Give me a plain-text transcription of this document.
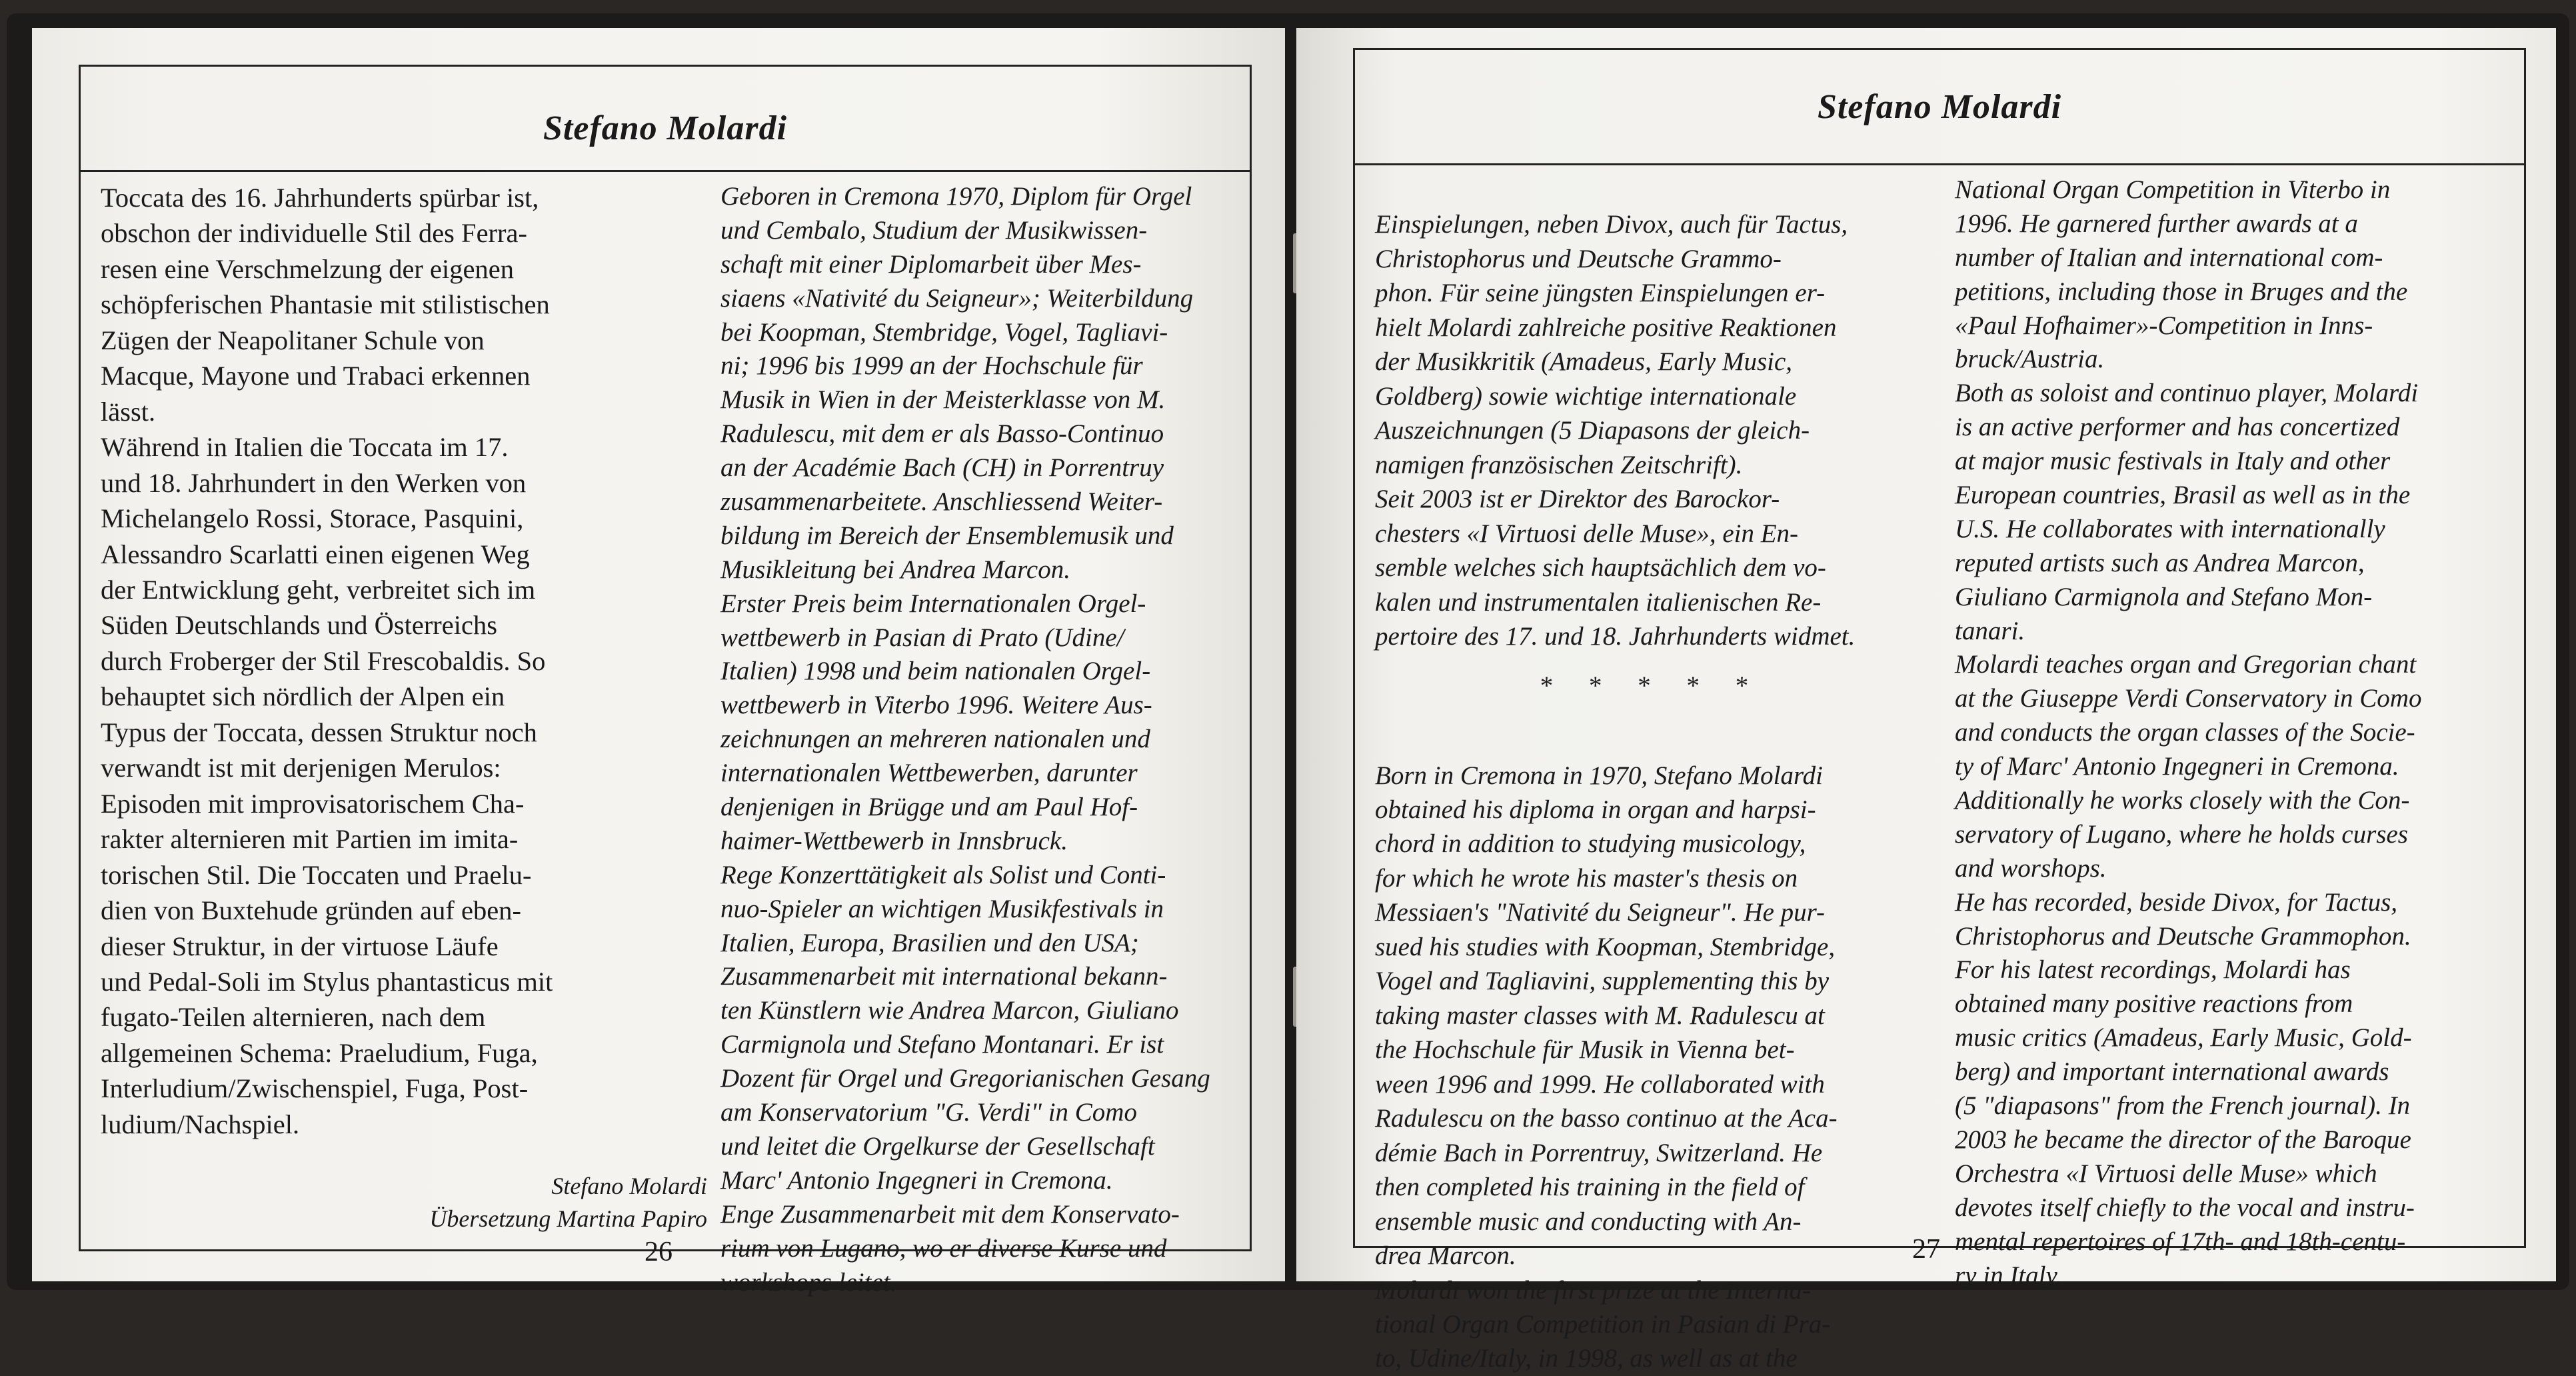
Stefano Molardi
Toccata des 16. Jahrhunderts spürbar ist,
obschon der individuelle Stil des Ferra-
resen eine Verschmelzung der eigenen
schöpferischen Phantasie mit stilistischen
Zügen der Neapolitaner Schule von
Macque, Mayone und Trabaci erkennen
lässt.
Während in Italien die Toccata im 17.
und 18. Jahrhundert in den Werken von
Michelangelo Rossi, Storace, Pasquini,
Alessandro Scarlatti einen eigenen Weg
der Entwicklung geht, verbreitet sich im
Süden Deutschlands und Österreichs
durch Froberger der Stil Frescobaldis. So
behauptet sich nördlich der Alpen ein
Typus der Toccata, dessen Struktur noch
verwandt ist mit derjenigen Merulos:
Episoden mit improvisatorischem Cha-
rakter alternieren mit Partien im imita-
torischen Stil. Die Toccaten und Praelu-
dien von Buxtehude gründen auf eben-
dieser Struktur, in der virtuose Läufe
und Pedal-Soli im Stylus phantasticus mit
fugato-Teilen alternieren, nach dem
allgemeinen Schema: Praeludium, Fuga,
Interludium/Zwischenspiel, Fuga, Post-
ludium/Nachspiel.
Stefano Molardi
Übersetzung Martina Papiro
Geboren in Cremona 1970, Diplom für Orgel
und Cembalo, Studium der Musikwissen-
schaft mit einer Diplomarbeit über Mes-
siaens «Nativité du Seigneur»; Weiterbildung
bei Koopman, Stembridge, Vogel, Tagliavi-
ni; 1996 bis 1999 an der Hochschule für
Musik in Wien in der Meisterklasse von M.
Radulescu, mit dem er als Basso-Continuo
an der Académie Bach (CH) in Porrentruy
zusammenarbeitete. Anschliessend Weiter-
bildung im Bereich der Ensemblemusik und
Musikleitung bei Andrea Marcon.
Erster Preis beim Internationalen Orgel-
wettbewerb in Pasian di Prato (Udine/
Italien) 1998 und beim nationalen Orgel-
wettbewerb in Viterbo 1996. Weitere Aus-
zeichnungen an mehreren nationalen und
internationalen Wettbewerben, darunter
denjenigen in Brügge und am Paul Hof-
haimer-Wettbewerb in Innsbruck.
Rege Konzerttätigkeit als Solist und Conti-
nuo-Spieler an wichtigen Musikfestivals in
Italien, Europa, Brasilien und den USA;
Zusammenarbeit mit international bekann-
ten Künstlern wie Andrea Marcon, Giuliano
Carmignola und Stefano Montanari. Er ist
Dozent für Orgel und Gregorianischen Gesang
am Konservatorium "G. Verdi" in Como
und leitet die Orgelkurse der Gesellschaft
Marc' Antonio Ingegneri in Cremona.
Enge Zusammenarbeit mit dem Konservato-
rium von Lugano, wo er diverse Kurse und
workshops leitet.
26
Stefano Molardi

Einspielungen, neben Divox, auch für Tactus,
Christophorus und Deutsche Grammo-
phon. Für seine jüngsten Einspielungen er-
hielt Molardi zahlreiche positive Reaktionen
der Musikkritik (Amadeus, Early Music,
Goldberg) sowie wichtige internationale
Auszeichnungen (5 Diapasons der gleich-
namigen französischen Zeitschrift).
Seit 2003 ist er Direktor des Barockor-
chesters «I Virtuosi delle Muse», ein En-
semble welches sich hauptsächlich dem vo-
kalen und instrumentalen italienischen Re-
pertoire des 17. und 18. Jahrhunderts widmet.

* * * * *

Born in Cremona in 1970, Stefano Molardi
obtained his diploma in organ and harpsi-
chord in addition to studying musicology,
for which he wrote his master's thesis on
Messiaen's "Nativité du Seigneur". He pur-
sued his studies with Koopman, Stembridge,
Vogel and Tagliavini, supplementing this by
taking master classes with M. Radulescu at
the Hochschule für Musik in Vienna bet-
ween 1996 and 1999. He collaborated with
Radulescu on the basso continuo at the Aca-
démie Bach in Porrentruy, Switzerland. He
then completed his training in the field of
ensemble music and conducting with An-
drea Marcon.
Molardi won the first prize at the Interna-
tional Organ Competition in Pasian di Pra-
to, Udine/Italy, in 1998, as well as at the

National Organ Competition in Viterbo in
1996. He garnered further awards at a
number of Italian and international com-
petitions, including those in Bruges and the
«Paul Hofhaimer»-Competition in Inns-
bruck/Austria.
Both as soloist and continuo player, Molardi
is an active performer and has concertized
at major music festivals in Italy and other
European countries, Brasil as well as in the
U.S. He collaborates with internationally
reputed artists such as Andrea Marcon,
Giuliano Carmignola and Stefano Mon-
tanari.
Molardi teaches organ and Gregorian chant
at the Giuseppe Verdi Conservatory in Como
and conducts the organ classes of the Socie-
ty of Marc' Antonio Ingegneri in Cremona.
Additionally he works closely with the Con-
servatory of Lugano, where he holds curses
and worshops.
He has recorded, beside Divox, for Tactus,
Christophorus and Deutsche Grammophon.
For his latest recordings, Molardi has
obtained many positive reactions from
music critics (Amadeus, Early Music, Gold-
berg) and important international awards
(5 "diapasons" from the French journal). In
2003 he became the director of the Baroque
Orchestra «I Virtuosi delle Muse» which
devotes itself chiefly to the vocal and instru-
mental repertoires of 17th- and 18th-centu-
ry in Italy.
27
